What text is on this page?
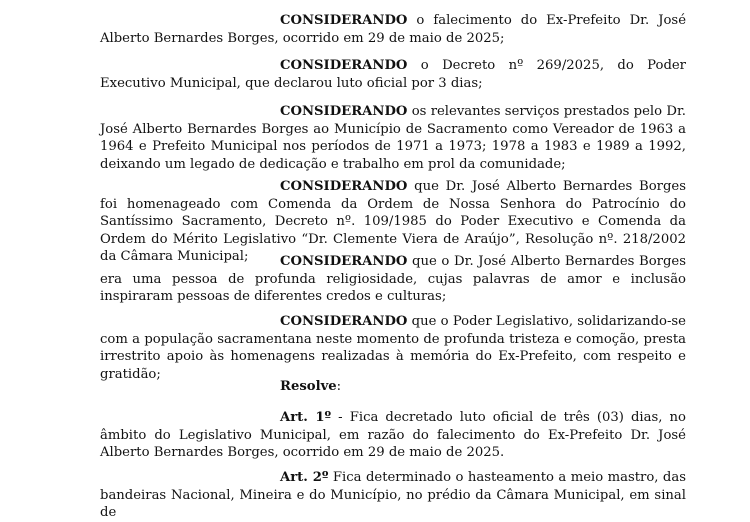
CONSIDERANDO o falecimento do Ex-Prefeito Dr. José Alberto Bernardes Borges, ocorrido em 29 de maio de 2025;

CONSIDERANDO o Decreto nº 269/2025, do Poder Executivo Municipal, que declarou luto oficial por 3 dias;

CONSIDERANDO os relevantes serviços prestados pelo Dr. José Alberto Bernardes Borges ao Município de Sacramento como Vereador de 1963 a 1964 e Prefeito Municipal nos períodos de 1971 a 1973; 1978 a 1983 e 1989 a 1992, deixando um legado de dedicação e trabalho em prol da comunidade;

CONSIDERANDO que Dr. José Alberto Bernardes Borges foi homenageado com Comenda da Ordem de Nossa Senhora do Patrocínio do Santíssimo Sacramento, Decreto nº. 109/1985 do Poder Executivo e Comenda da Ordem do Mérito Legislativo “Dr. Clemente Viera de Araújo”, Resolução nº. 218/2002 da Câmara Municipal;	CONSIDERANDO que o Dr. José Alberto Bernardes Borges era uma pessoa de profunda religiosidade, cujas palavras de amor e inclusão inspiraram pessoas de diferentes credos e culturas;

CONSIDERANDO que o Poder Legislativo, solidarizando-se com a população sacramentana neste momento de profunda tristeza e comoção, presta irrestrito apoio às homenagens realizadas à memória do Ex-Prefeito, com respeito e gratidão;

Resolve:

Art. 1º - Fica decretado luto oficial de três (03) dias, no âmbito do Legislativo Municipal, em razão do falecimento do Ex-Prefeito Dr. José Alberto Bernardes Borges, ocorrido em 29 de maio de 2025.

Art. 2º Fica determinado o hasteamento a meio mastro, das bandeiras Nacional, Mineira e do Município, no prédio da Câmara Municipal, em sinal de
